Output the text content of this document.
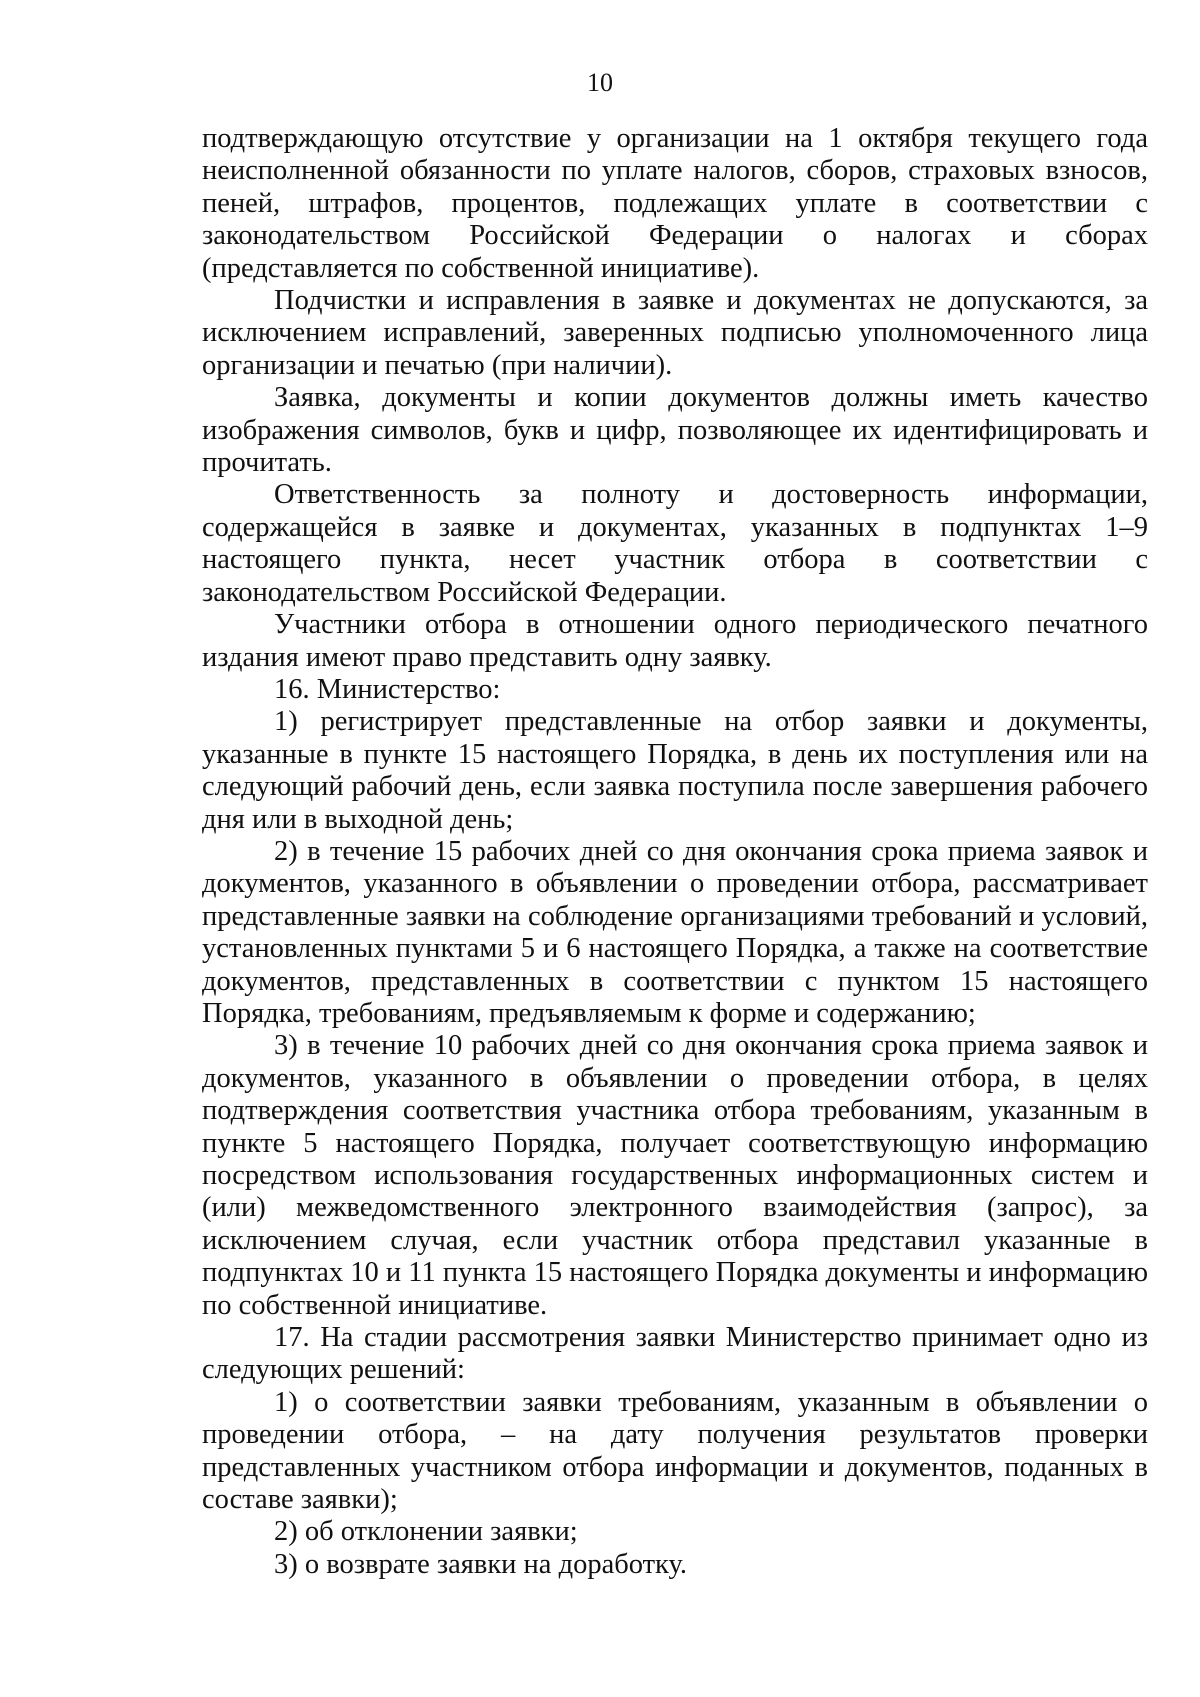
10

подтверждающую отсутствие у организации на 1 октября текущего года неисполненной обязанности по уплате налогов, сборов, страховых взносов, пеней, штрафов, процентов, подлежащих уплате в соответствии с законодательством Российской Федерации о налогах и сборах (представляется по собственной инициативе).

Подчистки и исправления в заявке и документах не допускаются, за исключением исправлений, заверенных подписью уполномоченного лица организации и печатью (при наличии).

Заявка, документы и копии документов должны иметь качество изображения символов, букв и цифр, позволяющее их идентифицировать и прочитать.

Ответственность за полноту и достоверность информации, содержащейся в заявке и документах, указанных в подпунктах 1–9 настоящего пункта, несет участник отбора в соответствии с законодательством Российской Федерации.

Участники отбора в отношении одного периодического печатного издания имеют право представить одну заявку.

16. Министерство:

1) регистрирует представленные на отбор заявки и документы, указанные в пункте 15 настоящего Порядка, в день их поступления или на следующий рабочий день, если заявка поступила после завершения рабочего дня или в выходной день;

2) в течение 15 рабочих дней со дня окончания срока приема заявок и документов, указанного в объявлении о проведении отбора, рассматривает представленные заявки на соблюдение организациями требований и условий, установленных пунктами 5 и 6 настоящего Порядка, а также на соответствие документов, представленных в соответствии с пунктом 15 настоящего Порядка, требованиям, предъявляемым к форме и содержанию;

3) в течение 10 рабочих дней со дня окончания срока приема заявок и документов, указанного в объявлении о проведении отбора, в целях подтверждения соответствия участника отбора требованиям, указанным в пункте 5 настоящего Порядка, получает соответствующую информацию посредством использования государственных информационных систем и (или) межведомственного электронного взаимодействия (запрос), за исключением случая, если участник отбора представил указанные в подпунктах 10 и 11 пункта 15 настоящего Порядка документы и информацию по собственной инициативе.

17. На стадии рассмотрения заявки Министерство принимает одно из следующих решений:

1) о соответствии заявки требованиям, указанным в объявлении о проведении отбора, – на дату получения результатов проверки представленных участником отбора информации и документов, поданных в составе заявки);

2) об отклонении заявки;

3) о возврате заявки на доработку.
